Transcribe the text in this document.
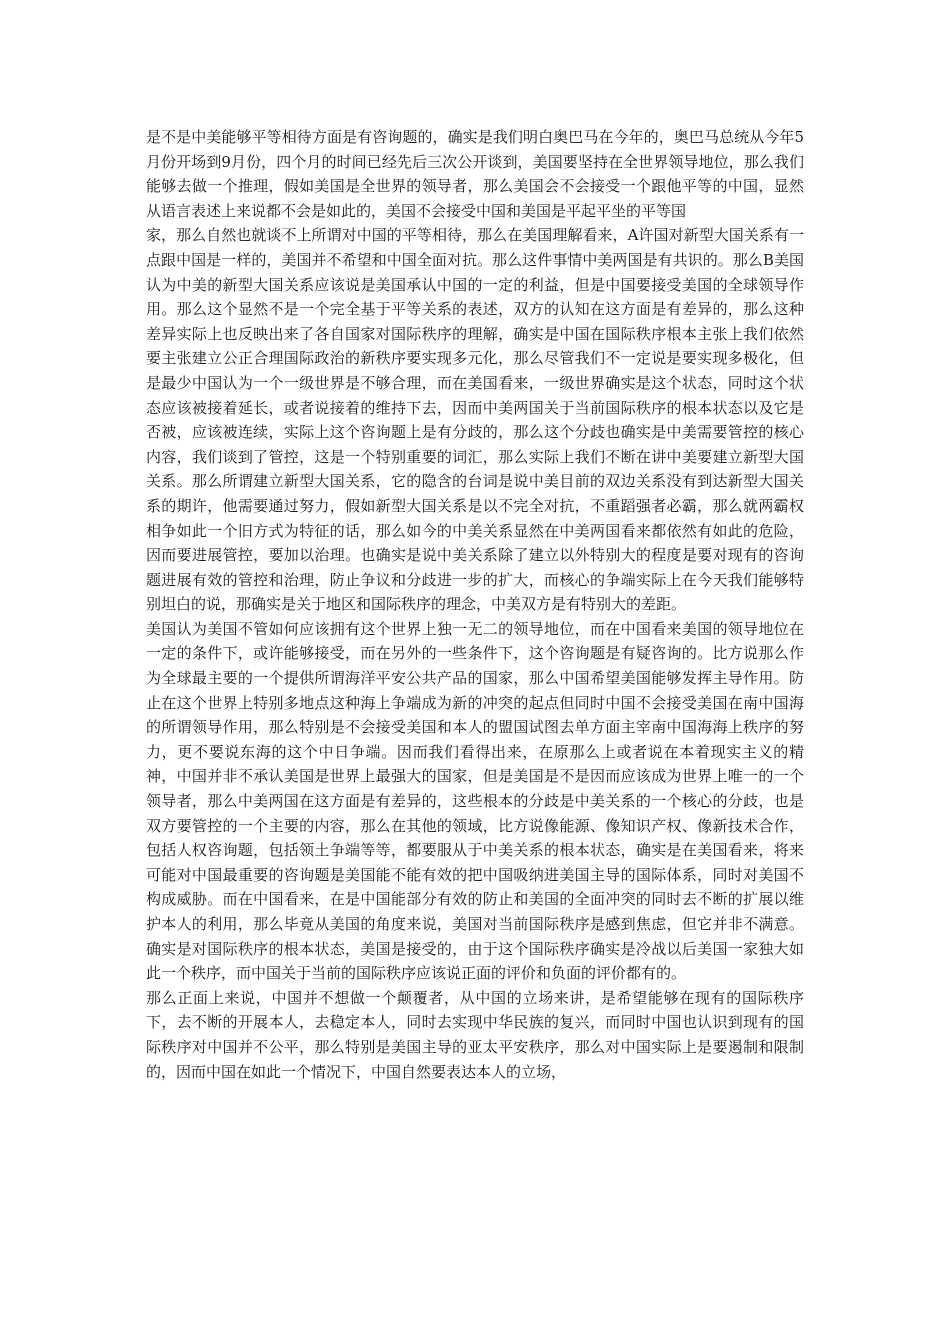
是不是中美能够平等相待方面是有咨询题的，确实是我们明白奥巴马在今年的，奥巴马总统从今年5月份开场到9月份，四个月的时间已经先后三次公开谈到，美国要坚持在全世界领导地位，那么我们能够去做一个推理，假如美国是全世界的领导者，那么美国会不会接受一个跟他平等的中国，显然从语言表述上来说都不会是如此的，美国不会接受中国和美国是平起平坐的平等国

家，那么自然也就谈不上所谓对中国的平等相待，那么在美国理解看来，A许国对新型大国关系有一点跟中国是一样的，美国并不希望和中国全面对抗。那么这件事情中美两国是有共识的。那么B美国认为中美的新型大国关系应该说是美国承认中国的一定的利益，但是中国要接受美国的全球领导作用。那么这个显然不是一个完全基于平等关系的表述，双方的认知在这方面是有差异的，那么这种差异实际上也反映出来了各自国家对国际秩序的理解，确实是中国在国际秩序根本主张上我们依然要主张建立公正合理国际政治的新秩序要实现多元化，那么尽管我们不一定说是要实现多极化，但是最少中国认为一个一级世界是不够合理，而在美国看来，一级世界确实是这个状态，同时这个状态应该被接着延长，或者说接着的维持下去，因而中美两国关于当前国际秩序的根本状态以及它是否被，应该被连续，实际上这个咨询题上是有分歧的，那么这个分歧也确实是中美需要管控的核心内容，我们谈到了管控，这是一个特别重要的词汇，那么实际上我们不断在讲中美要建立新型大国关系。那么所谓建立新型大国关系，它的隐含的台词是说中美目前的双边关系没有到达新型大国关系的期许，他需要通过努力，假如新型大国关系是以不完全对抗，不重蹈强者必霸，那么就两霸权相争如此一个旧方式为特征的话，那么如今的中美关系显然在中美两国看来都依然有如此的危险，因而要进展管控，要加以治理。也确实是说中美关系除了建立以外特别大的程度是要对现有的咨询题进展有效的管控和治理，防止争议和分歧进一步的扩大，而核心的争端实际上在今天我们能够特别坦白的说，那确实是关于地区和国际秩序的理念，中美双方是有特别大的差距。

美国认为美国不管如何应该拥有这个世界上独一无二的领导地位，而在中国看来美国的领导地位在一定的条件下，或许能够接受，而在另外的一些条件下，这个咨询题是有疑咨询的。比方说那么作为全球最主要的一个提供所谓海洋平安公共产品的国家，那么中国希望美国能够发挥主导作用。防止在这个世界上特别多地点这种海上争端成为新的冲突的起点但同时中国不会接受美国在南中国海的所谓领导作用，那么特别是不会接受美国和本人的盟国试图去单方面主宰南中国海海上秩序的努力，更不要说东海的这个中日争端。因而我们看得出来，在原那么上或者说在本着现实主义的精神，中国并非不承认美国是世界上最强大的国家，但是美国是不是因而应该成为世界上唯一的一个领导者，那么中美两国在这方面是有差异的，这些根本的分歧是中美关系的一个核心的分歧，也是双方要管控的一个主要的内容，那么在其他的领域，比方说像能源、像知识产权、像新技术合作，包括人权咨询题，包括领土争端等等，都要服从于中美关系的根本状态，确实是在美国看来，将来可能对中国最重要的咨询题是美国能不能有效的把中国吸纳进美国主导的国际体系，同时对美国不构成威胁。而在中国看来，在是中国能部分有效的防止和美国的全面冲突的同时去不断的扩展以维护本人的利用，那么毕竟从美国的角度来说，美国对当前国际秩序是感到焦虑，但它并非不满意。确实是对国际秩序的根本状态，美国是接受的，由于这个国际秩序确实是冷战以后美国一家独大如此一个秩序，而中国关于当前的国际秩序应该说正面的评价和负面的评价都有的。

那么正面上来说，中国并不想做一个颠覆者，从中国的立场来讲，是希望能够在现有的国际秩序下，去不断的开展本人，去稳定本人，同时去实现中华民族的复兴，而同时中国也认识到现有的国际秩序对中国并不公平，那么特别是美国主导的亚太平安秩序，那么对中国实际上是要遏制和限制的，因而中国在如此一个情况下，中国自然要表达本人的立场，
